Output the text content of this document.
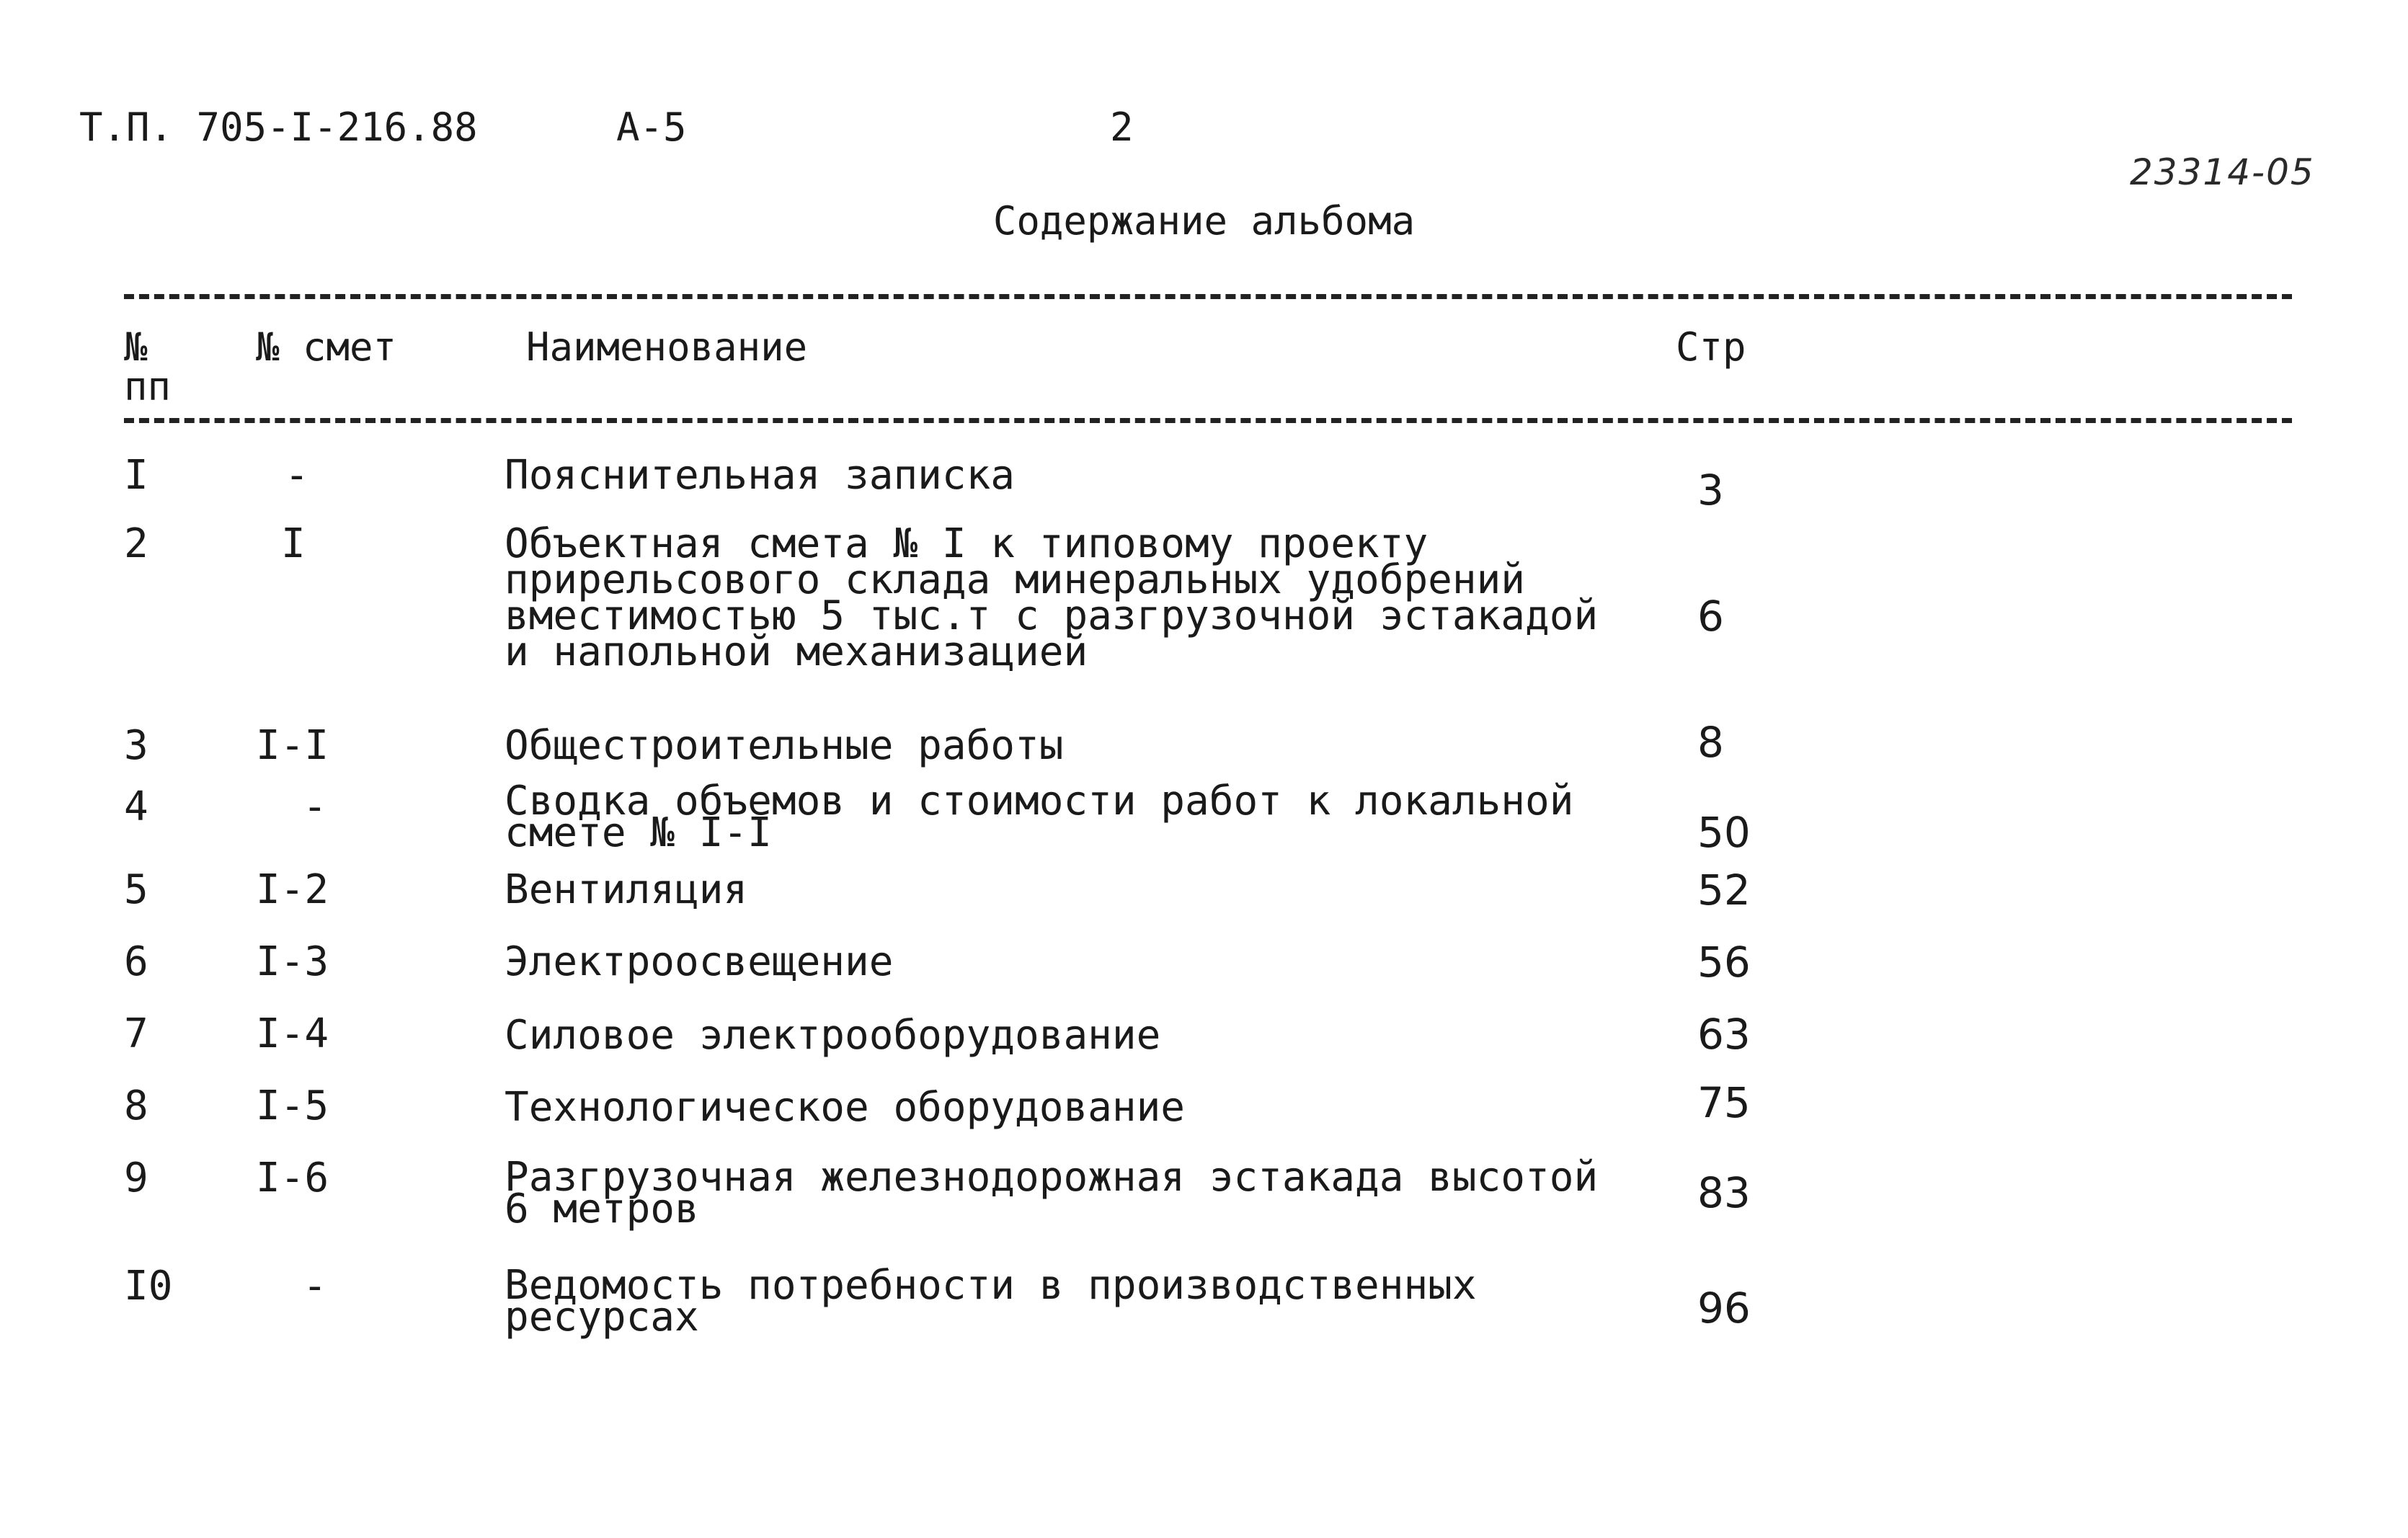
Т.П. 705-I-216.88	А-5	2
23314-05
Содержание альбома
№
пп
№ смет	Наименование	Стр
I	-	Пояснительная записка	3
2	I	Объектная смета № I к типовому проекту
прирельсового склада минеральных удобрений
вместимостью 5 тыс.т с разгрузочной эстакадой
и напольной механизацией
6
3	I-I	Общестроительные работы	8
4	-	Сводка объемов и стоимости работ к локальной
смете № I-I	50
5	I-2	Вентиляция	52
6	I-3	Электроосвещение	56
7	I-4	Силовое электрооборудование	63
8	I-5	Технологическое оборудование	75
9	I-6	Разгрузочная железнодорожная эстакада высотой
6 метров	83
I0	-	Ведомость потребности в производственных
ресурсах	96
